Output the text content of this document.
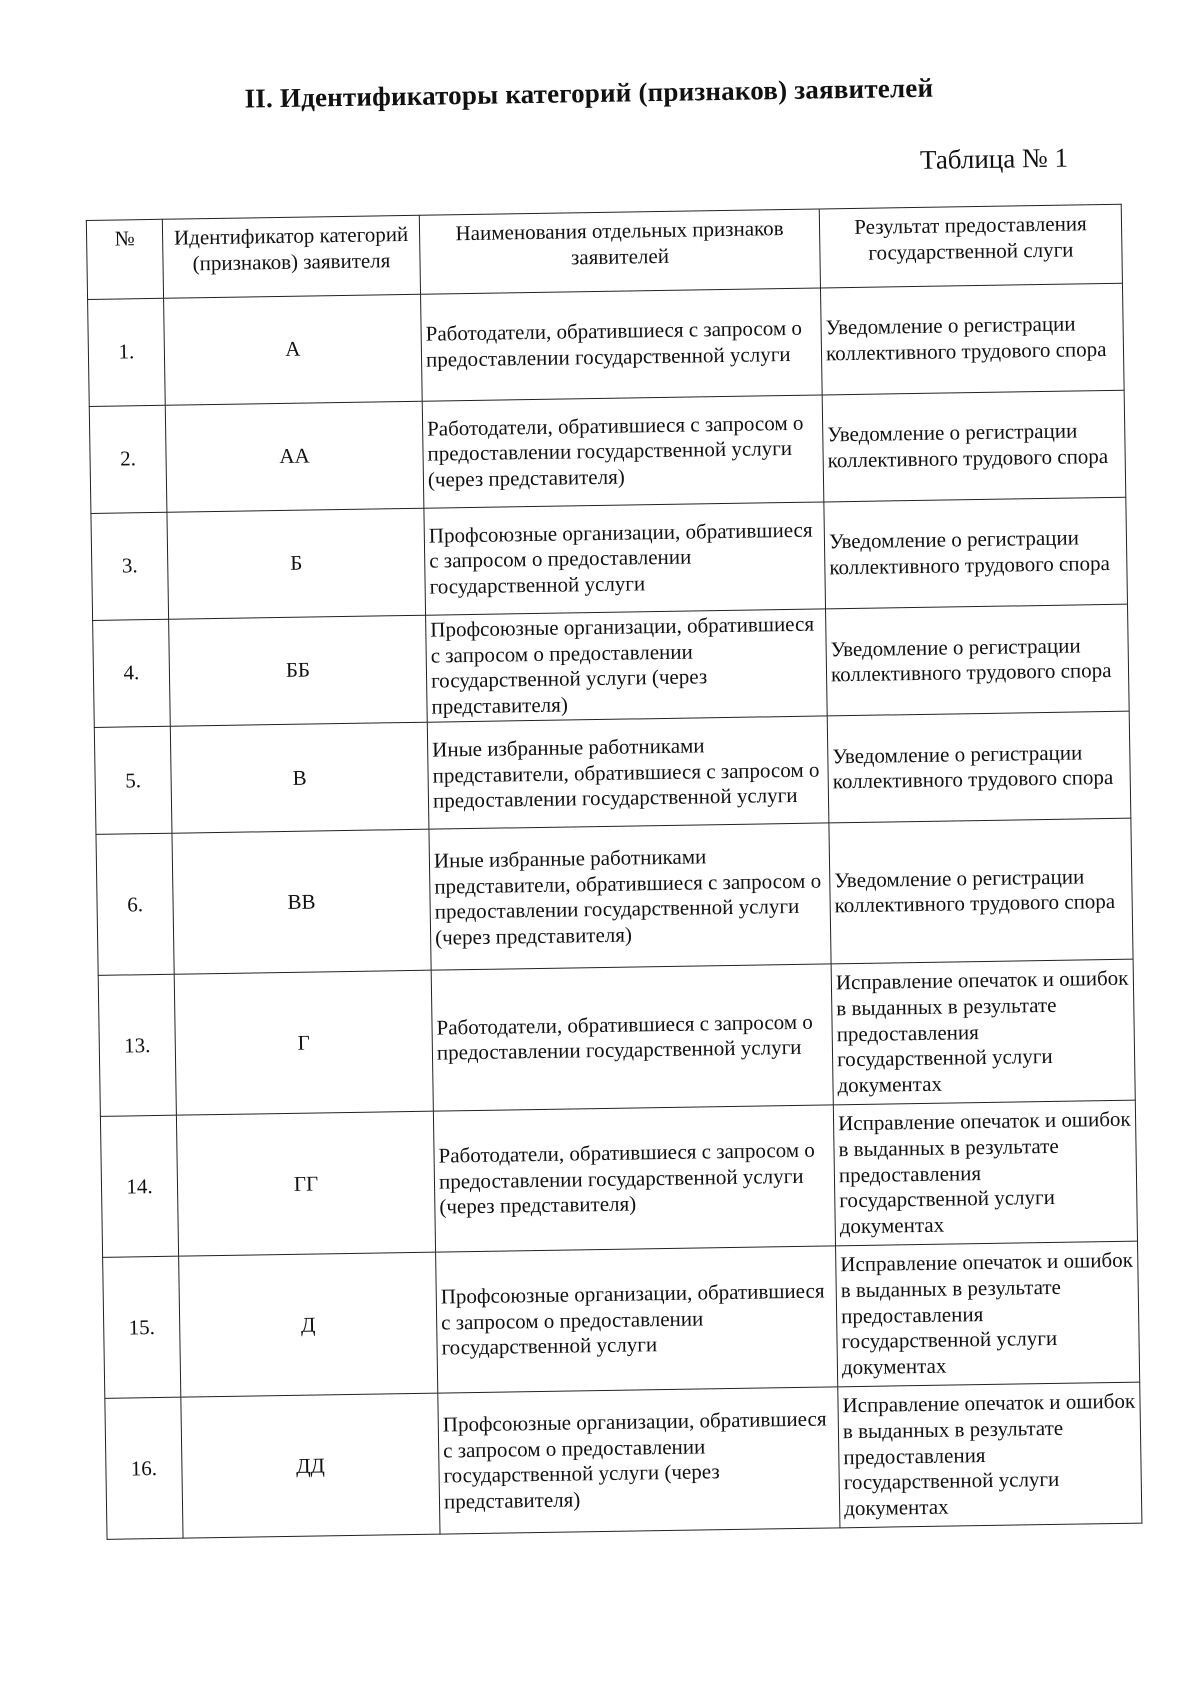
II. Идентификаторы категорий (признаков) заявителей
Таблица № 1
№	Идентификатор категорий (признаков) заявителя	Наименования отдельных признаков заявителей	Результат предоставления государственной слуги
1.	А	Работодатели, обратившиеся с запросом о предоставлении государственной услуги	Уведомление о регистрации коллективного трудового спора
2.	АА	Работодатели, обратившиеся с запросом о предоставлении государственной услуги (через представителя)	Уведомление о регистрации коллективного трудового спора
3.	Б	Профсоюзные организации, обратившиеся с запросом о предоставлении государственной услуги	Уведомление о регистрации коллективного трудового спора
4.	ББ	Профсоюзные организации, обратившиеся с запросом о предоставлении государственной услуги (через представителя)	Уведомление о регистрации коллективного трудового спора
5.	В	Иные избранные работниками представители, обратившиеся с запросом о предоставлении государственной услуги	Уведомление о регистрации коллективного трудового спора
6.	ВВ	Иные избранные работниками представители, обратившиеся с запросом о предоставлении государственной услуги (через представителя)	Уведомление о регистрации коллективного трудового спора
13.	Г	Работодатели, обратившиеся с запросом о предоставлении государственной услуги	Исправление опечаток и ошибок в выданных в результате предоставления государственной услуги документах
14.	ГГ	Работодатели, обратившиеся с запросом о предоставлении государственной услуги (через представителя)	Исправление опечаток и ошибок в выданных в результате предоставления государственной услуги документах
15.	Д	Профсоюзные организации, обратившиеся с запросом о предоставлении государственной услуги	Исправление опечаток и ошибок в выданных в результате предоставления государственной услуги документах
16.	ДД	Профсоюзные организации, обратившиеся с запросом о предоставлении государственной услуги (через представителя)	Исправление опечаток и ошибок в выданных в результате предоставления государственной услуги документах
